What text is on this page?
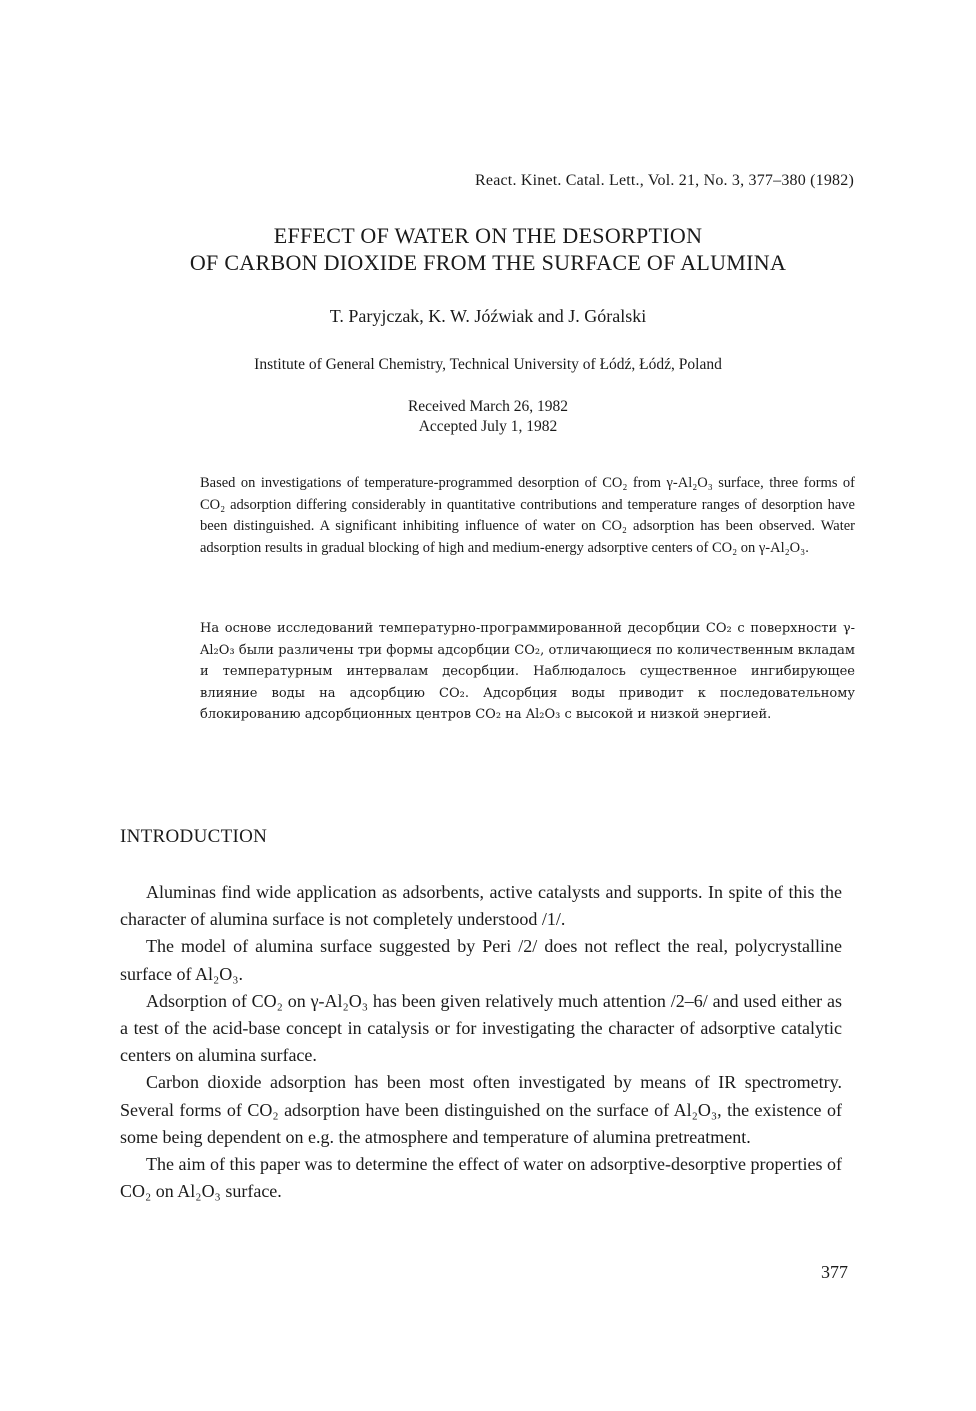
React. Kinet. Catal. Lett., Vol. 21, No. 3, 377–380 (1982)
EFFECT OF WATER ON THE DESORPTION
OF CARBON DIOXIDE FROM THE SURFACE OF ALUMINA
T. Paryjczak, K. W. Jóźwiak and J. Góralski
Institute of General Chemistry, Technical University of Łódź, Łódź, Poland
Received March 26, 1982
Accepted July 1, 1982
Based on investigations of temperature-programmed desorption of CO₂ from γ-Al₂O₃ surface, three forms of CO₂ adsorption differing considerably in quantitative contributions and temperature ranges of desorption have been distinguished. A significant inhibiting influence of water on CO₂ adsorption has been observed. Water adsorption results in gradual blocking of high and medium-energy adsorptive centers of CO₂ on γ-Al₂O₃.
На основе исследований температурно-программированной десорбции CO₂ с поверхности γ-Al₂O₃ были различены три формы адсорбции CO₂, отличающиеся по количественным вкладам и температурным интервалам десорбции. Наблюдалось существенное ингибирующее влияние воды на адсорбцию CO₂. Адсорбция воды приводит к последовательному блокированию адсорбционных центров CO₂ на Al₂O₃ с высокой и низкой энергией.
INTRODUCTION

Aluminas find wide application as adsorbents, active catalysts and supports. In spite of this the character of alumina surface is not completely understood /1/.

The model of alumina surface suggested by Peri /2/ does not reflect the real, polycrystalline surface of Al₂O₃.

Adsorption of CO₂ on γ-Al₂O₃ has been given relatively much attention /2–6/ and used either as a test of the acid-base concept in catalysis or for investigating the character of adsorptive catalytic centers on alumina surface.

Carbon dioxide adsorption has been most often investigated by means of IR spectrometry. Several forms of CO₂ adsorption have been distinguished on the surface of Al₂O₃, the existence of some being dependent on e.g. the atmosphere and temperature of alumina pretreatment.

The aim of this paper was to determine the effect of water on adsorptive-desorptive properties of CO₂ on Al₂O₃ surface.

377
